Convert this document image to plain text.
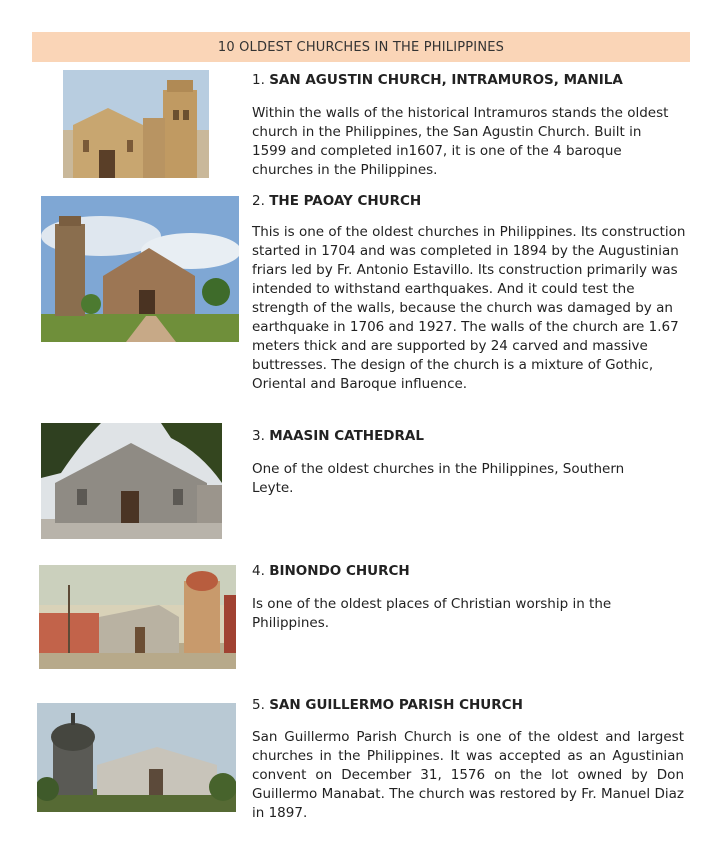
10 OLDEST CHURCHES IN THE PHILIPPINES
1. SAN AGUSTIN CHURCH, INTRAMUROS, MANILA
Within the walls of the historical Intramuros stands the oldest church in the Philippines, the San Agustin Church. Built in 1599 and completed in1607, it is one of the 4 baroque churches in the Philippines.
2. THE PAOAY CHURCH
This is one of the oldest churches in Philippines. Its construction started in 1704 and was completed in 1894 by the Augustinian friars led by Fr. Antonio Estavillo. Its construction primarily was intended to withstand earthquakes. And it could test the strength of the walls, because the church was damaged by an earthquake in 1706 and 1927. The walls of the church are 1.67 meters thick and are supported by 24 carved and massive buttresses. The design of the church is a mixture of Gothic, Oriental and Baroque influence.
3. MAASIN CATHEDRAL
One of the oldest churches in the Philippines, Southern Leyte.
4. BINONDO CHURCH
Is one of the oldest places of Christian worship in the Philippines.
5. SAN GUILLERMO PARISH CHURCH
San Guillermo Parish Church is one of the oldest and largest churches in the Philippines. It was accepted as an Agustinian convent on December 31, 1576 on the lot owned by Don Guillermo Manabat. The church was restored by Fr. Manuel Diaz in 1897.
